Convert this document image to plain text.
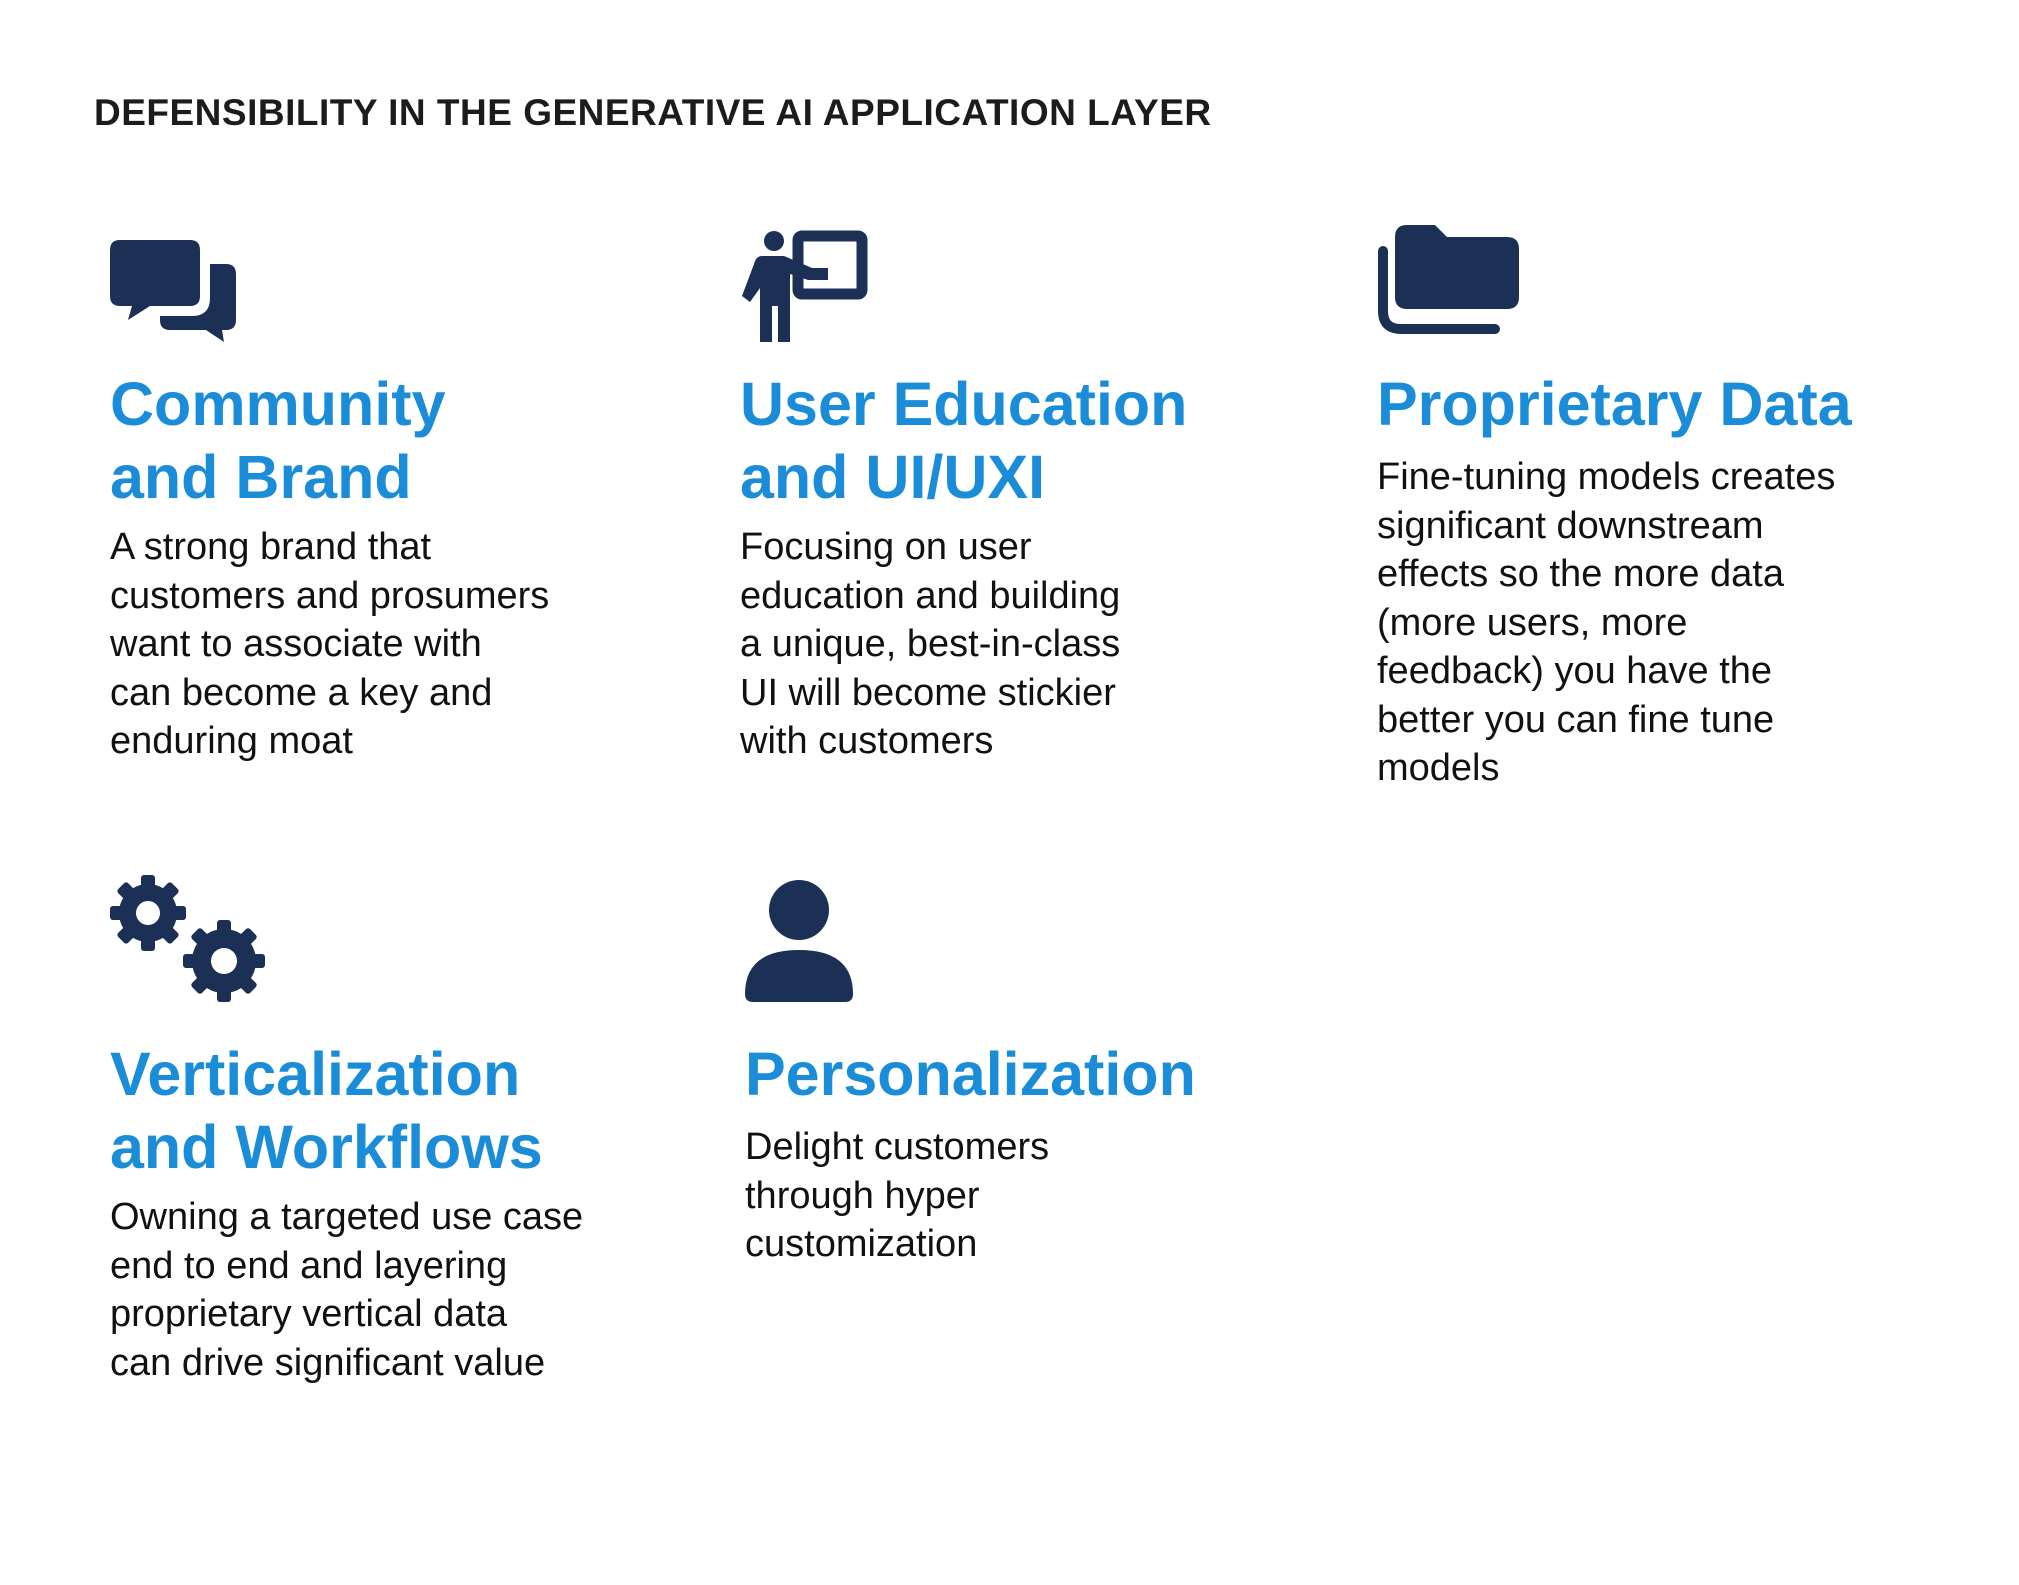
DEFENSIBILITY IN THE GENERATIVE AI APPLICATION LAYER
Community
and Brand

A strong brand that
customers and prosumers
want to associate with
can become a key and
enduring moat

User Education
and UI/UXI

Focusing on user
education and building
a unique, best-in-class
UI will become stickier
with customers

Proprietary Data

Fine-tuning models creates
significant downstream
effects so the more data
(more users, more
feedback) you have the
better you can fine tune
models

Verticalization
and Workflows

Owning a targeted use case
end to end and layering
proprietary vertical data
can drive significant value

Personalization

Delight customers
through hyper
customization
